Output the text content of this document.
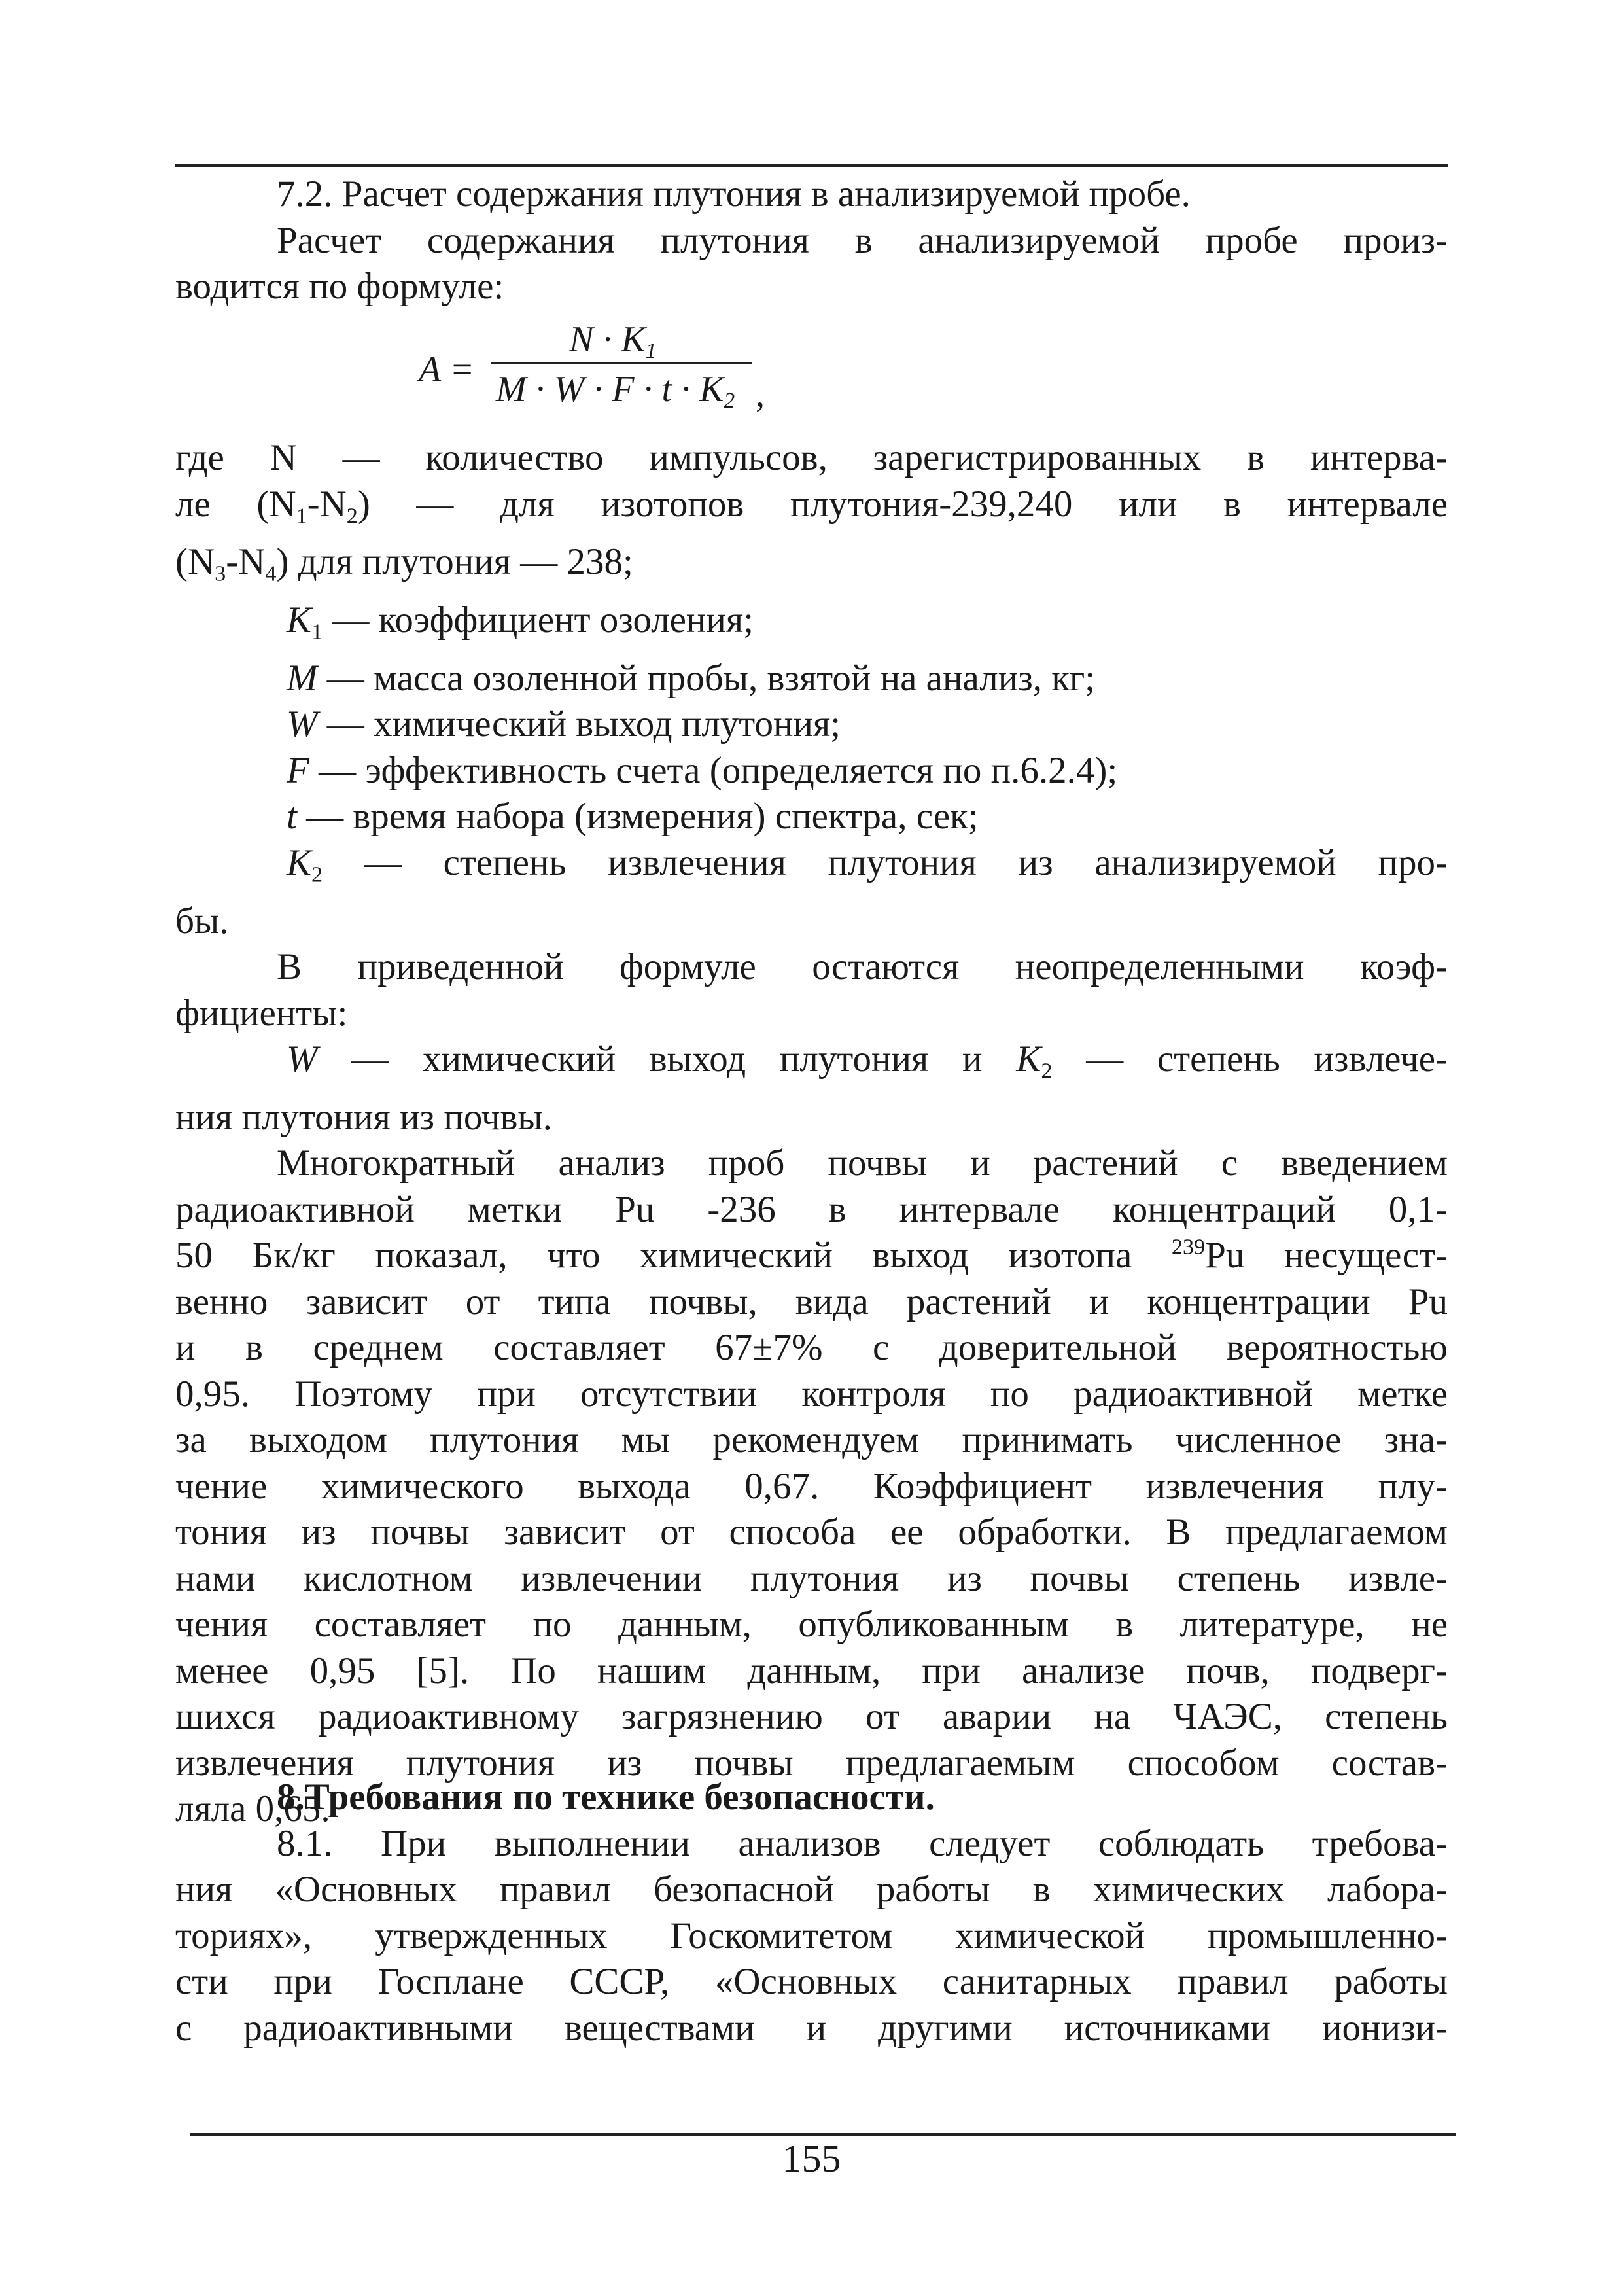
7.2. Расчет содержания плутония в анализируемой пробе.
Расчет содержания плутония в анализируемой пробе произ-
водится по формуле:
A =
$N \cdot K_1$
$M \cdot W \cdot F \cdot t \cdot K_2$ ,
где N — количество импульсов, зарегистрированных в интерва-
ле $(N_1-N_2)$ — для изотопов плутония-239,240 или в интервале
$(N_3-N_4)$ для плутония — 238;
$K_1$ — коэффициент озоления;
M — масса озоленной пробы, взятой на анализ, кг;
W — химический выход плутония;
F — эффективность счета (определяется по п.6.2.4);
t — время набора (измерения) спектра, сек;
$K_2$ — степень извлечения плутония из анализируемой про-
бы.
В приведенной формуле остаются неопределенными коэф-
фициенты:
W — химический выход плутония и $K_2$ — степень извлече-
ния плутония из почвы.
Многократный анализ проб почвы и растений с введением
радиоактивной метки Pu -236 в интервале концентраций 0,1-
50 Бк/кг показал, что химический выход изотопа $^{239}$Pu несущест-
венно зависит от типа почвы, вида растений и концентрации Pu
и в среднем составляет 67±7% с доверительной вероятностью
0,95. Поэтому при отсутствии контроля по радиоактивной метке
за выходом плутония мы рекомендуем принимать численное зна-
чение химического выхода 0,67. Коэффициент извлечения плу-
тония из почвы зависит от способа ее обработки. В предлагаемом
нами кислотном извлечении плутония из почвы степень извле-
чения составляет по данным, опубликованным в литературе, не
менее 0,95 [5]. По нашим данным, при анализе почв, подверг-
шихся радиоактивному загрязнению от аварии на ЧАЭС, степень
извлечения плутония из почвы предлагаемым способом состав-
ляла 0,65.
8.Требования по технике безопасности.
8.1. При выполнении анализов следует соблюдать требова-
ния «Основных правил безопасной работы в химических лабора-
ториях», утвержденных Госкомитетом химической промышленно-
сти при Госплане СССР, «Основных санитарных правил работы
с радиоактивными веществами и другими источниками ионизи-
155
